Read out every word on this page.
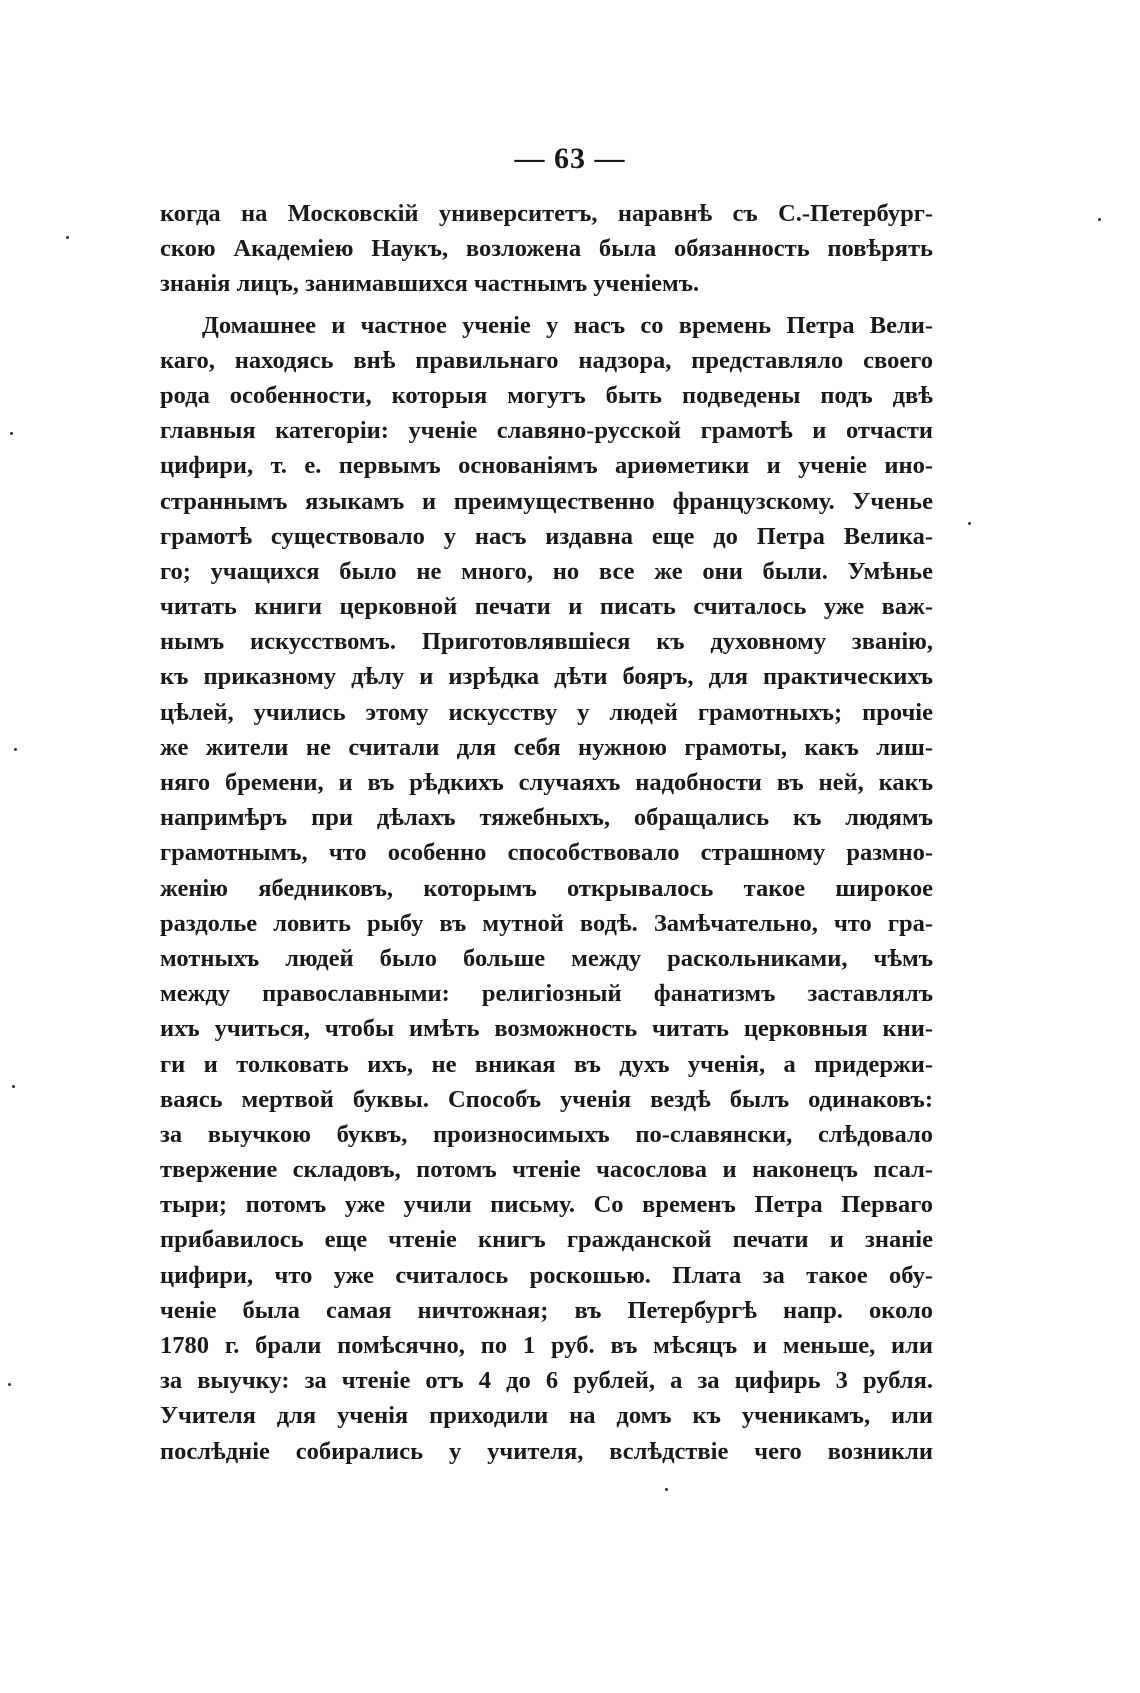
— 63 —
когда на Московскій университетъ, наравнѣ съ С.-Петербург-
скою Академіею Наукъ, возложена была обязанность повѣрять
знанія лицъ, занимавшихся частнымъ ученіемъ.
Домашнее и частное ученіе у насъ со времень Петра Вели-
каго, находясь внѣ правильнаго надзора, представляло своего
рода особенности, которыя могутъ быть подведены подъ двѣ
главныя категоріи: ученіе славяно-русской грамотѣ и отчасти
цифири, т. е. первымъ основаніямъ ариѳметики и ученіе ино-
страннымъ языкамъ и преимущественно французскому. Ученье
грамотѣ существовало у насъ издавна еще до Петра Велика-
го; учащихся было не много, но все же они были. Умѣнье
читать книги церковной печати и писать считалось уже важ-
нымъ искусствомъ. Приготовлявшіеся къ духовному званію,
къ приказному дѣлу и изрѣдка дѣти бояръ, для практическихъ
цѣлей, учились этому искусству у людей грамотныхъ; прочіе
же жители не считали для себя нужною грамоты, какъ лиш-
няго бремени, и въ рѣдкихъ случаяхъ надобности въ ней, какъ
напримѣръ при дѣлахъ тяжебныхъ, обращались къ людямъ
грамотнымъ, что особенно способствовало страшному размно-
женію ябедниковъ, которымъ открывалось такое широкое
раздолье ловить рыбу въ мутной водѣ. Замѣчательно, что гра-
мотныхъ людей было больше между раскольниками, чѣмъ
между православными: религіозный фанатизмъ заставлялъ
ихъ учиться, чтобы имѣть возможность читать церковныя кни-
ги и толковать ихъ, не вникая въ духъ ученія, а придержи-
ваясь мертвой буквы. Способъ ученія вездѣ былъ одинаковъ:
за выучкою буквъ, произносимыхъ по-славянски, слѣдовало
твержение складовъ, потомъ чтеніе часослова и наконецъ псал-
тыри; потомъ уже учили письму. Со временъ Петра Перваго
прибавилось еще чтеніе книгъ гражданской печати и знаніе
цифири, что уже считалось роскошью. Плата за такое обу-
ченіе была самая ничтожная; въ Петербургѣ напр. около
1780 г. брали помѣсячно, по 1 руб. въ мѣсяцъ и меньше, или
за выучку: за чтеніе отъ 4 до 6 рублей, а за цифирь 3 рубля.
Учителя для ученія приходили на домъ къ ученикамъ, или
послѣдніе собирались у учителя, вслѣдствіе чего возникли
